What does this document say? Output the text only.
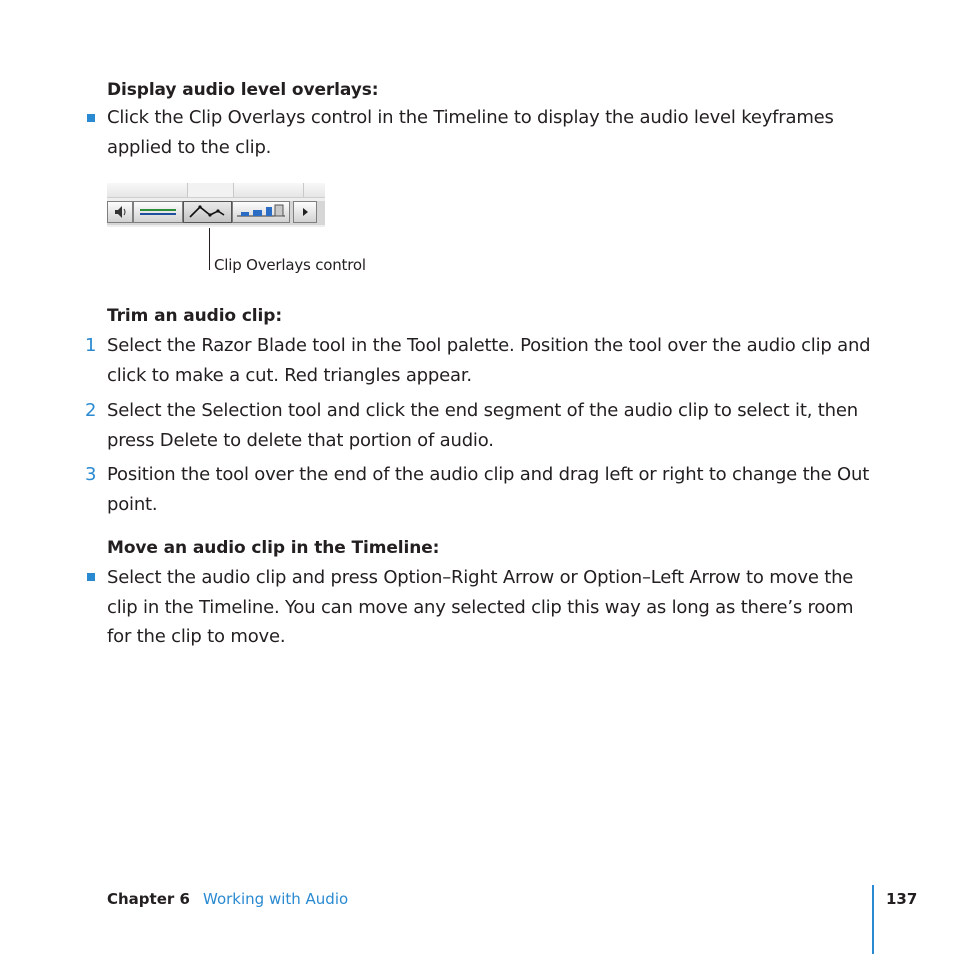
Display audio level overlays:
Click the Clip Overlays control in the Timeline to display the audio level keyframes applied to the clip.
Clip Overlays control
Trim an audio clip:
1 Select the Razor Blade tool in the Tool palette. Position the tool over the audio clip and click to make a cut. Red triangles appear.
2 Select the Selection tool and click the end segment of the audio clip to select it, then press Delete to delete that portion of audio.
3 Position the tool over the end of the audio clip and drag left or right to change the Out point.
Move an audio clip in the Timeline:
Select the audio clip and press Option–Right Arrow or Option–Left Arrow to move the clip in the Timeline. You can move any selected clip this way as long as there’s room for the clip to move.
Chapter 6 Working with Audio	137
